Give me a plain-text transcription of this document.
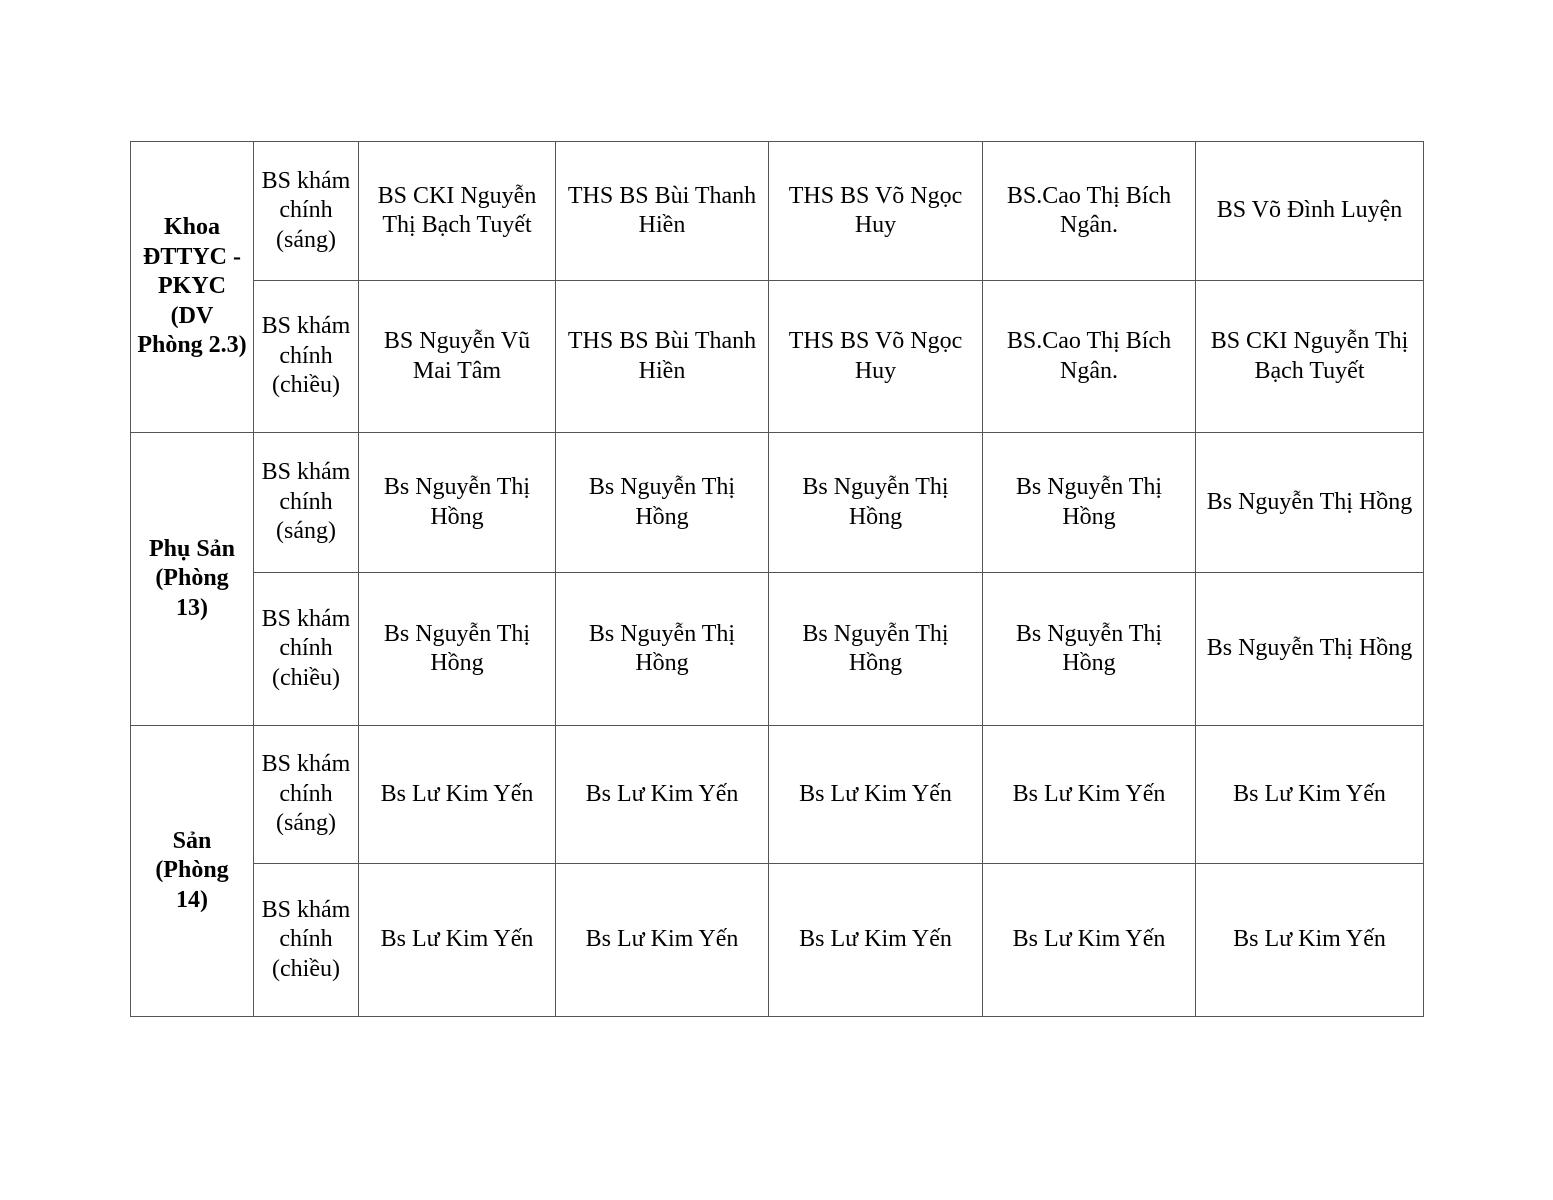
Khoa ĐTTYC - PKYC (DV Phòng 2.3)	BS khám chính (sáng)	BS CKI Nguyễn Thị Bạch Tuyết	THS BS Bùi Thanh Hiền	THS BS Võ Ngọc Huy	BS.Cao Thị Bích Ngân.	BS Võ Đình Luyện
	BS khám chính (chiều)	BS Nguyễn Vũ Mai Tâm	THS BS Bùi Thanh Hiền	THS BS Võ Ngọc Huy	BS.Cao Thị Bích Ngân.	BS CKI Nguyễn Thị Bạch Tuyết
Phụ Sản (Phòng 13)	BS khám chính (sáng)	Bs Nguyễn Thị Hồng	Bs Nguyễn Thị Hồng	Bs Nguyễn Thị Hồng	Bs Nguyễn Thị Hồng	Bs Nguyễn Thị Hồng
	BS khám chính (chiều)	Bs Nguyễn Thị Hồng	Bs Nguyễn Thị Hồng	Bs Nguyễn Thị Hồng	Bs Nguyễn Thị Hồng	Bs Nguyễn Thị Hồng
Sản (Phòng 14)	BS khám chính (sáng)	Bs Lư Kim Yến	Bs Lư Kim Yến	Bs Lư Kim Yến	Bs Lư Kim Yến	Bs Lư Kim Yến
	BS khám chính (chiều)	Bs Lư Kim Yến	Bs Lư Kim Yến	Bs Lư Kim Yến	Bs Lư Kim Yến	Bs Lư Kim Yến
